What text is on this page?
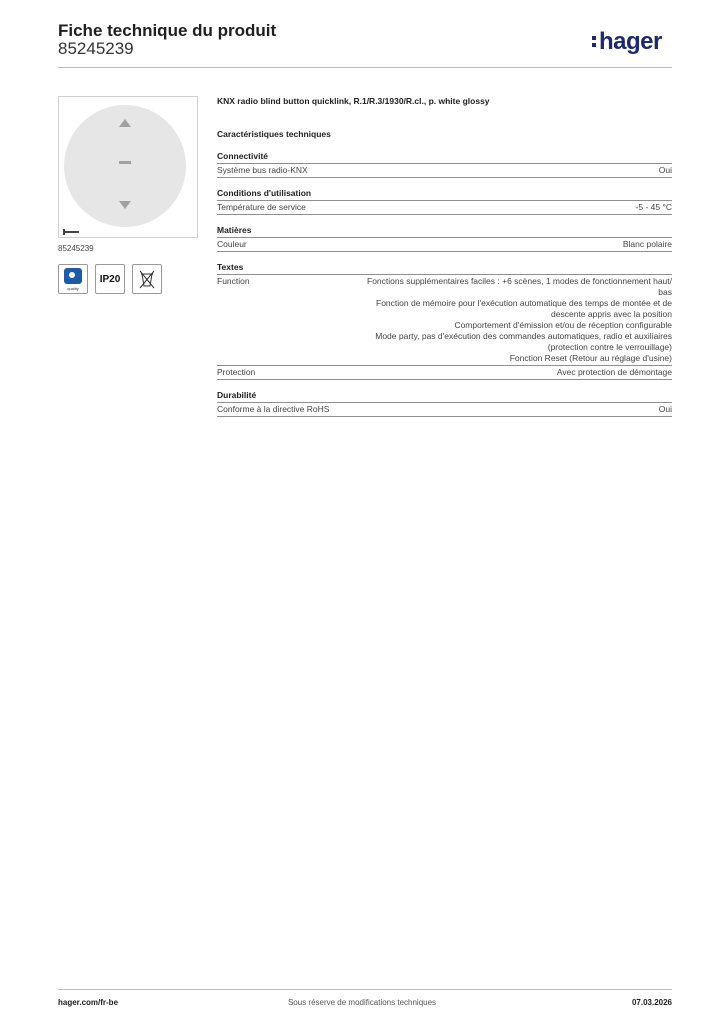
Fiche technique du produit
85245239	hager
85245239
quality
IP20
KNX radio blind button quicklink, R.1/R.3/1930/R.cl., p. white glossy
Caractéristiques techniques
Connectivité
Système bus radio-KNX	Oui
Conditions d'utilisation
Température de service	-5 - 45 °C
Matières
Couleur	Blanc polaire
Textes
Function	Fonctions supplémentaires faciles : +6 scènes, 1 modes de fonctionnement haut/
bas
Fonction de mémoire pour l'exécution automatique des temps de montée et de
descente appris avec la position
Comportement d'émission et/ou de réception configurable
Mode party, pas d'exécution des commandes automatiques, radio et auxiliaires
(protection contre le verrouillage)
Fonction Reset (Retour au réglage d'usine)
Protection	Avec protection de démontage
Durabilité
Conforme à la directive RoHS	Oui
hager.com/fr-be	Sous réserve de modifications techniques	07.03.2026
